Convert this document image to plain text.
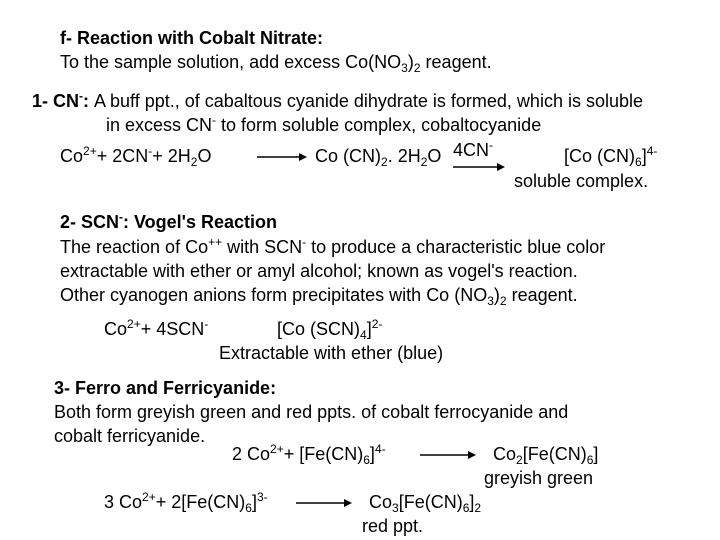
f- Reaction with Cobalt Nitrate:
To the sample solution, add excess $Co(NO_3)_2$ reagent.
1- CN-: A buff ppt., of cabaltous cyanide dihydrate is formed, which is soluble
in excess CN- to form soluble complex, cobaltocyanide
$Co^{2+}+ 2CN^-+ 2H_2O$	Co $(CN)_2$. $2H_2O$ 4CN-
[Co $(CN)_6]^{4-}$
soluble complex.
2- SCN-: Vogel's Reaction
The reaction of Co++ with SCN- to produce a characteristic blue color
extractable with ether or amyl alcohol; known as vogel's reaction.
Other cyanogen anions form precipitates with Co $(NO_3)_2$ reagent.
$Co^{2+}+ 4SCN^-$	[Co $(SCN)_4]^{2-}$
Extractable with ether (blue)
3- Ferro and Ferricyanide:
Both form greyish green and red ppts. of cobalt ferrocyanide and
cobalt ferricyanide.
2 $Co^{2+}+ [Fe(CN)_6]^{4-}$	$Co_2[Fe(CN)_6]$
greyish green
3 $Co^{2+}+ 2[Fe(CN)_6]^{3-}$	$Co_3[Fe(CN)_6]_2$
red ppt.
